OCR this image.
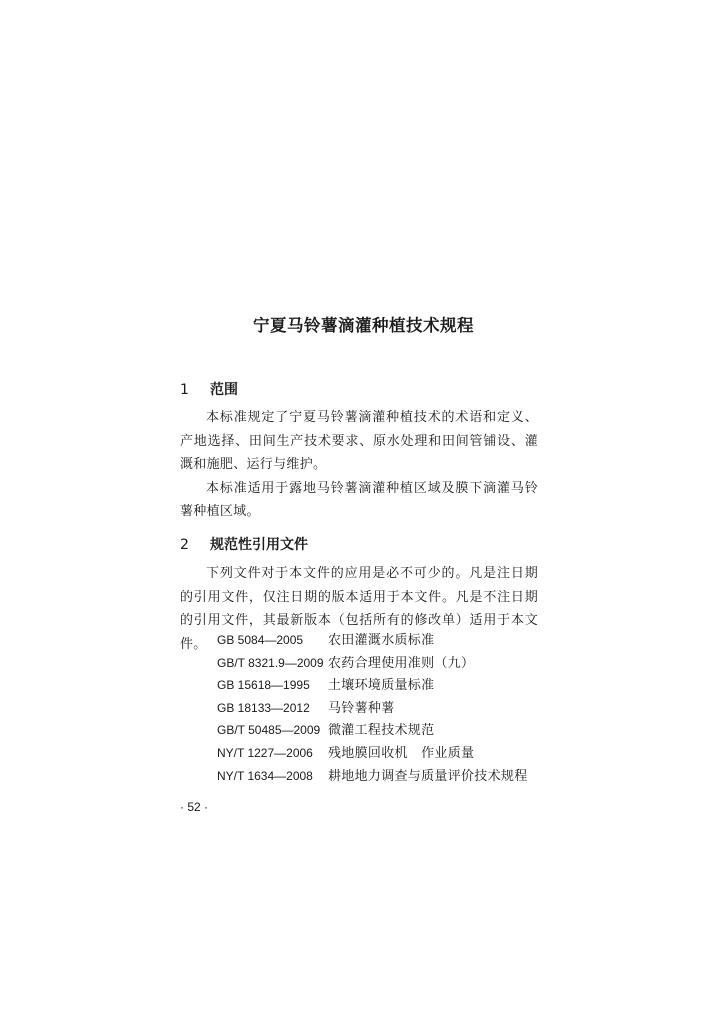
宁夏马铃薯滴灌种植技术规程
1 范围

本标准规定了宁夏马铃薯滴灌种植技术的术语和定义、产地选择、田间生产技术要求、原水处理和田间管铺设、灌溉和施肥、运行与维护。

本标准适用于露地马铃薯滴灌种植区域及膜下滴灌马铃薯种植区域。

2 规范性引用文件

下列文件对于本文件的应用是必不可少的。凡是注日期的引用文件，仅注日期的版本适用于本文件。凡是不注日期的引用文件，其最新版本（包括所有的修改单）适用于本文件。 GB 5084—2005 农田灌溉水质标准
GB/T 8321.9—2009 农药合理使用准则（九）
GB 15618—1995 土壤环境质量标准
GB 18133—2012 马铃薯种薯
GB/T 50485—2009 微灌工程技术规范
NY/T 1227—2006 残地膜回收机　作业质量
NY/T 1634—2008 耕地地力调查与质量评价技术规程
· 52 ·
